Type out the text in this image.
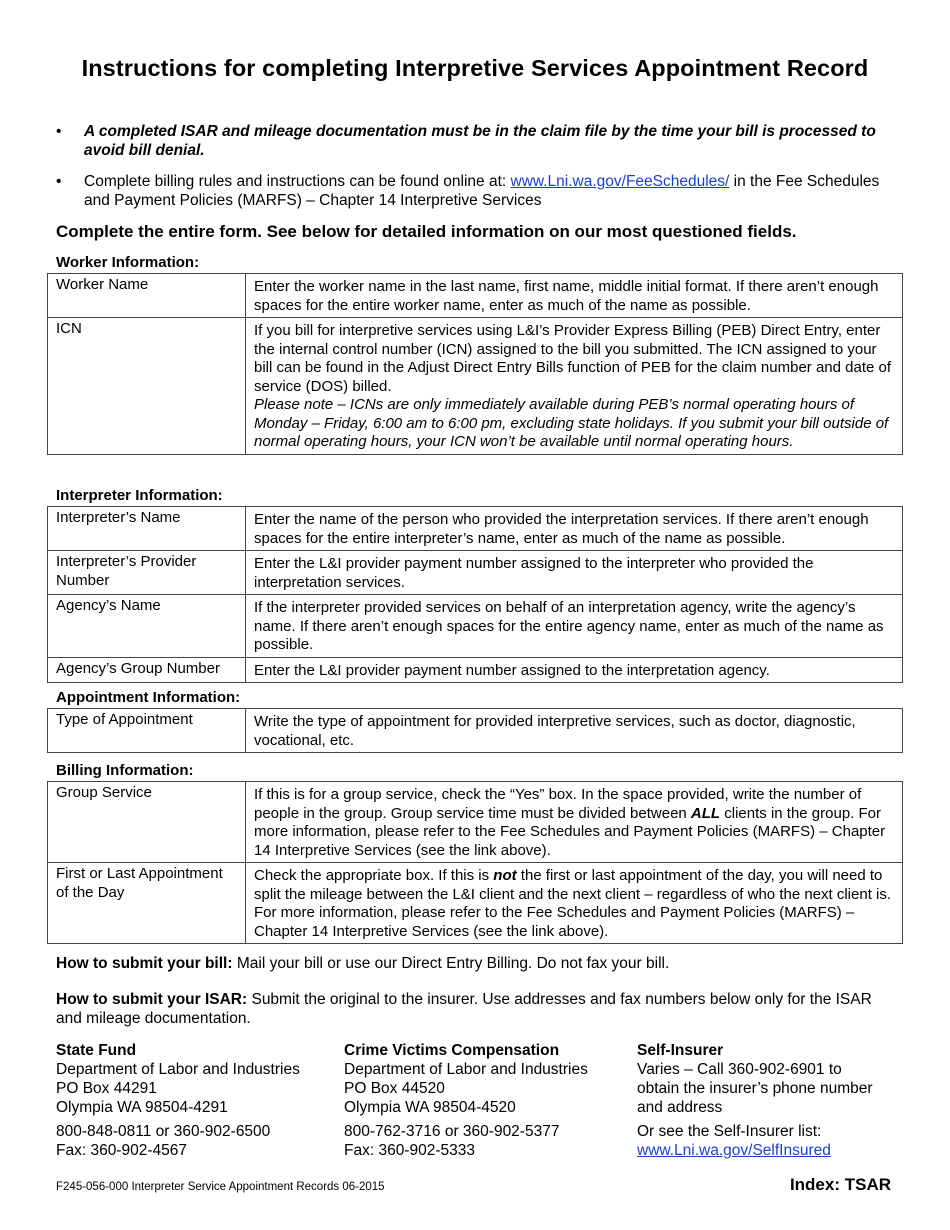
Instructions for completing Interpretive Services Appointment Record
• A completed ISAR and mileage documentation must be in the claim file by the time your bill is processed to avoid bill denial.
• Complete billing rules and instructions can be found online at: www.Lni.wa.gov/FeeSchedules/ in the Fee Schedules and Payment Policies (MARFS) – Chapter 14 Interpretive Services
Complete the entire form. See below for detailed information on our most questioned fields.
Worker Information:
Worker Name	Enter the worker name in the last name, first name, middle initial format. If there aren’t enough spaces for the entire worker name, enter as much of the name as possible.
ICN	If you bill for interpretive services using L&I’s Provider Express Billing (PEB) Direct Entry, enter the internal control number (ICN) assigned to the bill you submitted. The ICN assigned to your bill can be found in the Adjust Direct Entry Bills function of PEB for the claim number and date of service (DOS) billed.
Please note – ICNs are only immediately available during PEB’s normal operating hours of Monday – Friday, 6:00 am to 6:00 pm, excluding state holidays. If you submit your bill outside of normal operating hours, your ICN won’t be available until normal operating hours.
Interpreter Information:
Interpreter’s Name	Enter the name of the person who provided the interpretation services. If there aren’t enough spaces for the entire interpreter’s name, enter as much of the name as possible.
Interpreter’s Provider Number	Enter the L&I provider payment number assigned to the interpreter who provided the interpretation services.
Agency’s Name	If the interpreter provided services on behalf of an interpretation agency, write the agency’s name. If there aren’t enough spaces for the entire agency name, enter as much of the name as possible.
Agency’s Group Number	Enter the L&I provider payment number assigned to the interpretation agency.
Appointment Information:
Type of Appointment	Write the type of appointment for provided interpretive services, such as doctor, diagnostic, vocational, etc.
Billing Information:
Group Service	If this is for a group service, check the “Yes” box. In the space provided, write the number of people in the group. Group service time must be divided between ALL clients in the group. For more information, please refer to the Fee Schedules and Payment Policies (MARFS) – Chapter 14 Interpretive Services (see the link above).
First or Last Appointment of the Day	Check the appropriate box. If this is not the first or last appointment of the day, you will need to split the mileage between the L&I client and the next client – regardless of who the next client is. For more information, please refer to the Fee Schedules and Payment Policies (MARFS) – Chapter 14 Interpretive Services (see the link above).
How to submit your bill: Mail your bill or use our Direct Entry Billing. Do not fax your bill.
How to submit your ISAR: Submit the original to the insurer. Use addresses and fax numbers below only for the ISAR and mileage documentation.
State Fund
Department of Labor and Industries
PO Box 44291
Olympia WA 98504-4291
800-848-0811 or 360-902-6500
Fax: 360-902-4567
Crime Victims Compensation
Department of Labor and Industries
PO Box 44520
Olympia WA 98504-4520
800-762-3716 or 360-902-5377
Fax: 360-902-5333
Self-Insurer
Varies – Call 360-902-6901 to
obtain the insurer’s phone number
and address
Or see the Self-Insurer list:
www.Lni.wa.gov/SelfInsured
F245-056-000 Interpreter Service Appointment Records 06-2015	Index: TSAR
